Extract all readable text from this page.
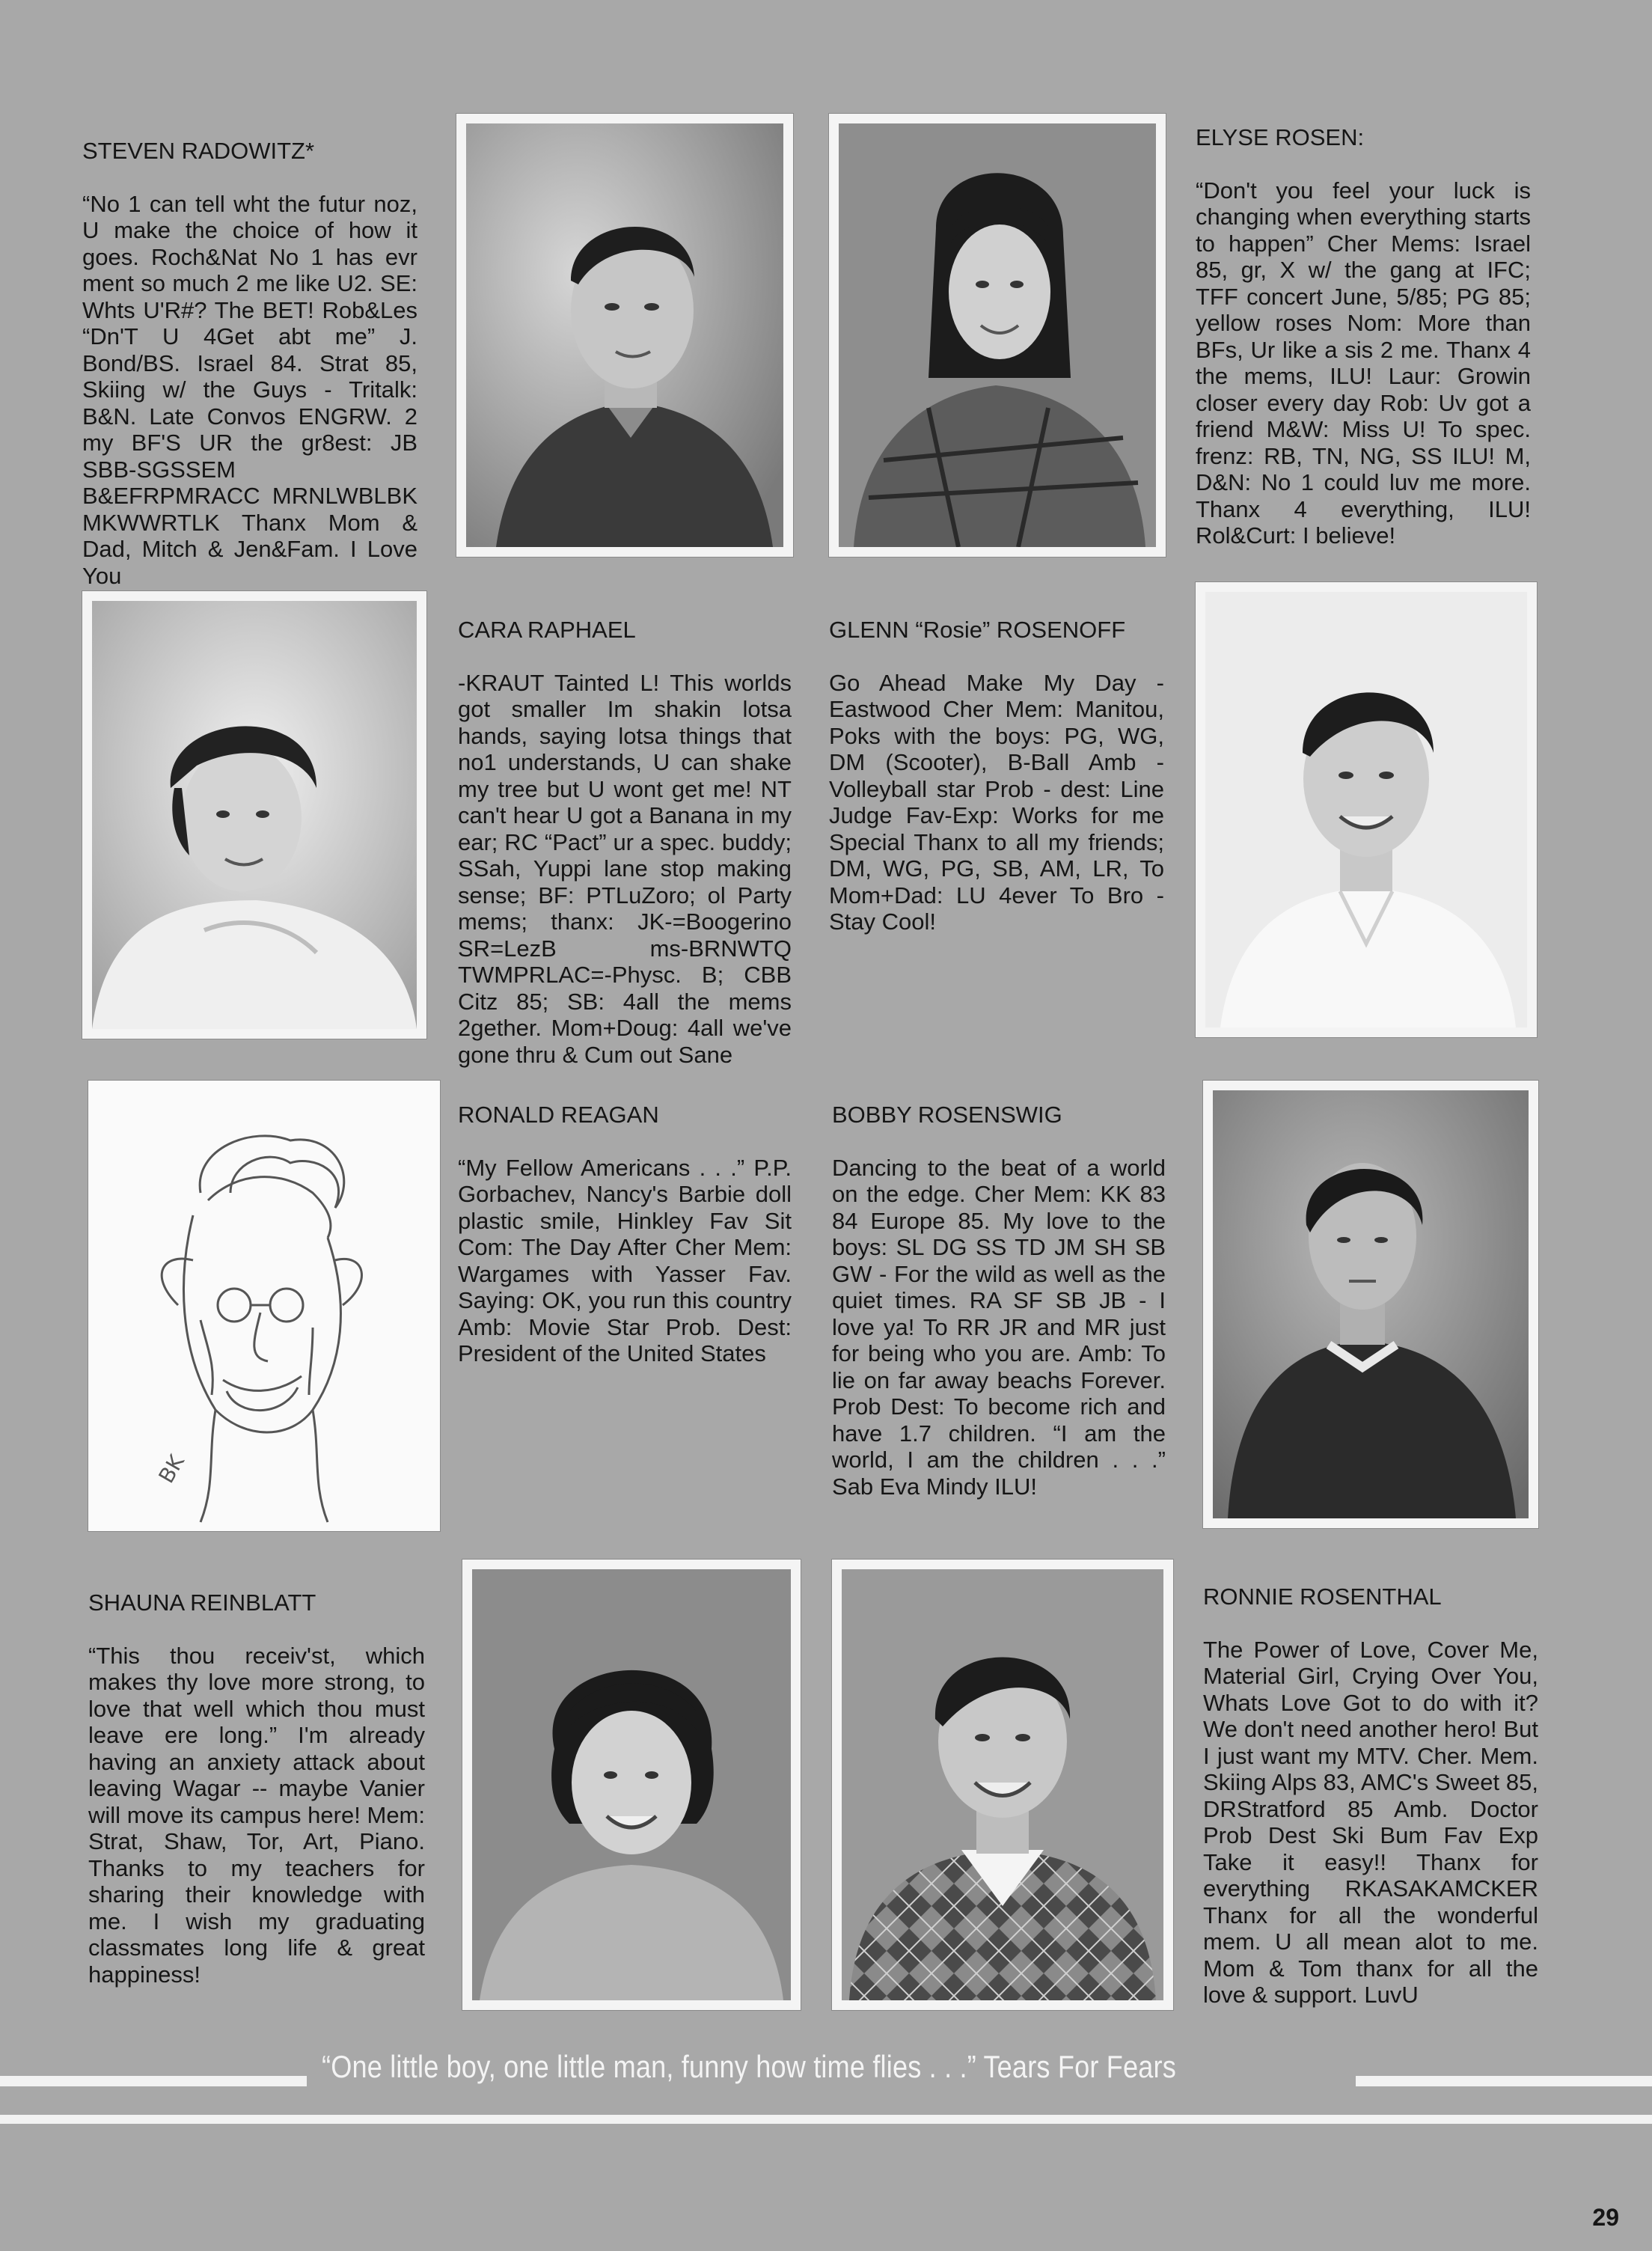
STEVEN RADOWITZ*

“No 1 can tell wht the futur noz, U make the choice of how it goes. Roch&Nat No 1 has evr ment so much 2 me like U2. SE: Whts U'R#? The BET! Rob&Les “Dn'T U 4Get abt me” J. Bond/BS. Israel 84. Strat 85, Skiing w/ the Guys - Tritalk: B&N. Late Convos ENGRW. 2 my BF'S UR the gr8est: JB SBB-SGSSEM B&EFRPMRACC MRNLWBLBK MKWWRTLK Thanx Mom & Dad, Mitch & Jen&Fam. I Love You

ELYSE ROSEN:

“Don't you feel your luck is changing when everything starts to happen” Cher Mems: Israel 85, gr, X w/ the gang at IFC; TFF concert June, 5/85; PG 85; yellow roses Nom: More than BFs, Ur like a sis 2 me. Thanx 4 the mems, ILU! Laur: Growin closer every day Rob: Uv got a friend M&W: Miss U! To spec. frenz: RB, TN, NG, SS ILU! M, D&N: No 1 could luv me more. Thanx 4 everything, ILU! Rol&Curt: I believe!

CARA RAPHAEL

-KRAUT Tainted L! This worlds got smaller Im shakin lotsa hands, saying lotsa things that no1 understands, U can shake my tree but U wont get me! NT can't hear U got a Banana in my ear; RC “Pact” ur a spec. buddy; SSah, Yuppi lane stop making sense; BF: PTLuZoro; ol Party mems; thanx: JK-=Boogerino SR=LezB ms-BRNWTQ TWMPRLAC=-Physc. B; CBB Citz 85; SB: 4all the mems 2gether. Mom+Doug: 4all we've gone thru & Cum out Sane

GLENN “Rosie” ROSENOFF

Go Ahead Make My Day - Eastwood Cher Mem: Manitou, Poks with the boys: PG, WG, DM (Scooter), B-Ball Amb - Volleyball star Prob - dest: Line Judge Fav-Exp: Works for me Special Thanx to all my friends; DM, WG, PG, SB, AM, LR, To Mom+Dad: LU 4ever To Bro - Stay Cool!

BK

RONALD REAGAN

“My Fellow Americans . . .” P.P. Gorbachev, Nancy's Barbie doll plastic smile, Hinkley Fav Sit Com: The Day After Cher Mem: Wargames with Yasser Fav. Saying: OK, you run this country Amb: Movie Star Prob. Dest: President of the United States

BOBBY ROSENSWIG

Dancing to the beat of a world on the edge. Cher Mem: KK 83 84 Europe 85. My love to the boys: SL DG SS TD JM SH SB GW - For the wild as well as the quiet times. RA SF SB JB - I love ya! To RR JR and MR just for being who you are. Amb: To lie on far away beachs Forever. Prob Dest: To become rich and have 1.7 children. “I am the world, I am the children . . .” Sab Eva Mindy ILU!

SHAUNA REINBLATT

“This thou receiv'st, which makes thy love more strong, to love that well which thou must leave ere long.” I'm already having an anxiety attack about leaving Wagar -- maybe Vanier will move its campus here! Mem: Strat, Shaw, Tor, Art, Piano. Thanks to my teachers for sharing their knowledge with me. I wish my graduating classmates long life & great happiness!

RONNIE ROSENTHAL

The Power of Love, Cover Me, Material Girl, Crying Over You, Whats Love Got to do with it? We don't need another hero! But I just want my MTV. Cher. Mem. Skiing Alps 83, AMC's Sweet 85, DRStratford 85 Amb. Doctor Prob Dest Ski Bum Fav Exp Take it easy!! Thanx for everything RKASAKAMCKER Thanx for all the wonderful mem. U all mean alot to me. Mom & Tom thanx for all the love & support. LuvU

“One little boy, one little man, funny how time flies . . .” Tears For Fears
29
